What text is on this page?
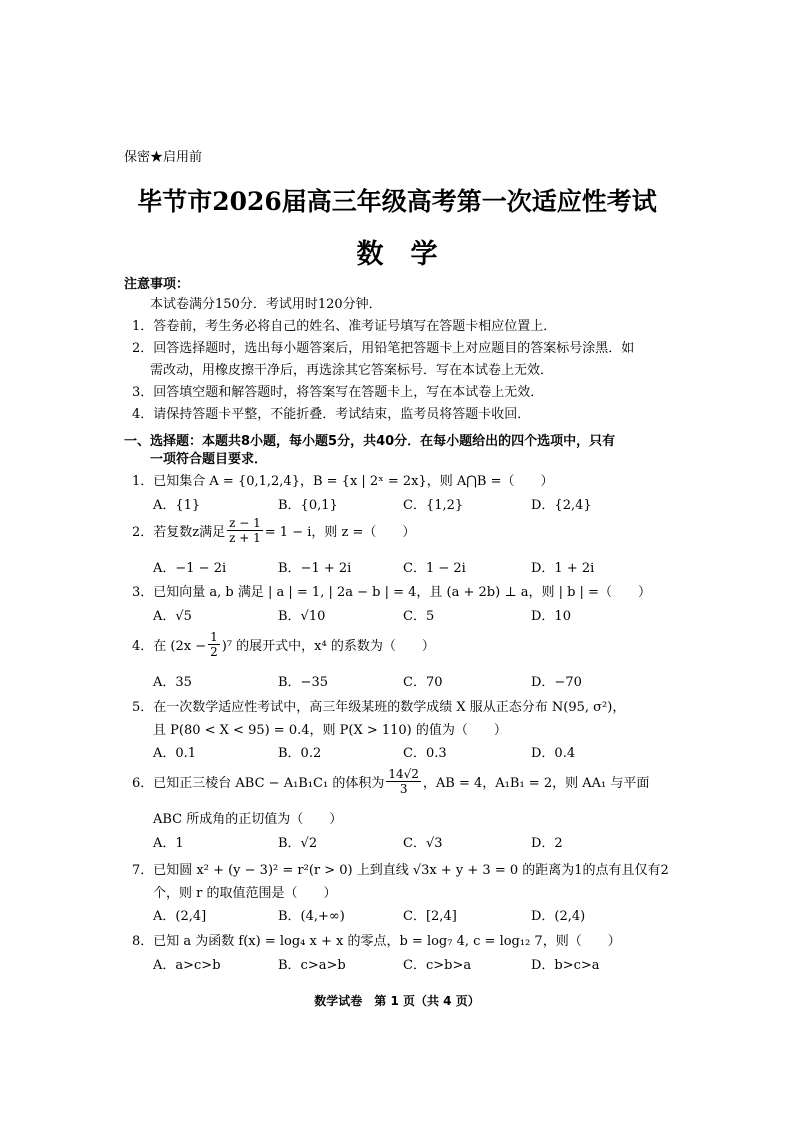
保密★启用前
毕节市2026届高三年级高考第一次适应性考试
数　学
注意事项：
本试卷满分150分．考试用时120分钟．
1．答卷前，考生务必将自己的姓名、准考证号填写在答题卡相应位置上．
2．回答选择题时，选出每小题答案后，用铅笔把答题卡上对应题目的答案标号涂黑．如
需改动，用橡皮擦干净后，再选涂其它答案标号．写在本试卷上无效．
3．回答填空题和解答题时，将答案写在答题卡上，写在本试卷上无效．
4．请保持答题卡平整，不能折叠．考试结束，监考员将答题卡收回．
一、选择题：本题共8小题，每小题5分，共40分．在每小题给出的四个选项中，只有
一项符合题目要求．
1．已知集合 A = {0,1,2,4}，B = {x | 2ˣ = 2x}，则 A⋂B =（　　）
A．{1}	B．{0,1}	C．{1,2}	D．{2,4}
2．若复数z满足 $\frac{z - 1}{z + 1} = 1 - i$，则 z =（　　）
A．−1 − 2i	B．−1 + 2i	C．1 − 2i	D．1 + 2i
3．已知向量 a, b 满足 | a | = 1, | 2a − b | = 4，且 (a + 2b) ⊥ a，则 | b | =（　　）
A．√5	B．√10	C．5	D．10
4．在 $(2x - \frac{1}{2} )^7$ 的展开式中，x⁴ 的系数为（　　）
A．35	B．−35	C．70	D．−70
5．在一次数学适应性考试中，高三年级某班的数学成绩 X 服从正态分布 N(95, σ²)，
且 P(80 < X < 95) = 0.4，则 P(X > 110) 的值为（　　）
A．0.1	B．0.2	C．0.3	D．0.4
6．已知正三棱台 ABC − A₁B₁C₁ 的体积为 $\frac{14√2}{3}$ ，AB = 4，A₁B₁ = 2，则 AA₁ 与平面
ABC 所成角的正切值为（　　）
A．1	B．√2	C．√3	D．2
7．已知圆 x² + (y − 3)² = r²(r > 0) 上到直线 √3x + y + 3 = 0 的距离为1的点有且仅有2
个，则 r 的取值范围是（　　）
A．(2,4]	B．(4,+∞)	C．[2,4]	D．(2,4)
8．已知 a 为函数 f(x) = log₄ x + x 的零点，b = log₇ 4, c = log₁₂ 7，则（　　）
A．a>c>b	B．c>a>b	C．c>b>a	D．b>c>a
数学试卷　第 1 页（共 4 页）
